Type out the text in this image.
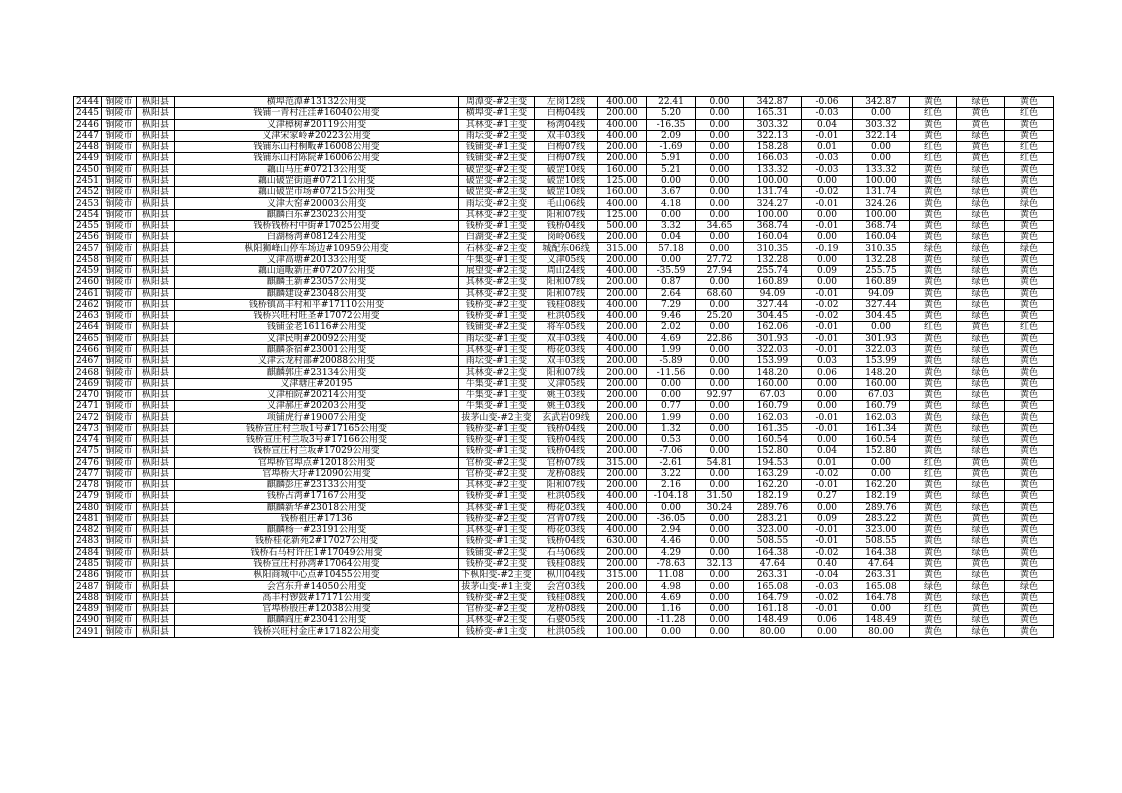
2444	铜陵市	枞阳县	横埠范潭#13132公用变	周潭变-#2主变	左岗12线	400.00	22.41	0.00	342.87	-0.06	342.87	黄色	绿色	黄色
2445	铜陵市	枞阳县	钱铺一青村汪洼#16040公用变	横埠变-#1主变	白梅04线	200.00	5.20	0.00	165.31	-0.03	0.00	红色	黄色	红色
2446	铜陵市	枞阳县	义津樟树#20119公用变	其林变-#1主变	杨湾04线	400.00	-16.35	0.00	303.32	0.04	303.32	黄色	黄色	黄色
2447	铜陵市	枞阳县	义津宋家岭#20223公用变	雨坛变-#2主变	双丰03线	400.00	2.09	0.00	322.13	-0.01	322.14	黄色	绿色	黄色
2448	铜陵市	枞阳县	钱铺东山村桐畈#16008公用变	钱铺变-#1主变	白梅07线	200.00	-1.69	0.00	158.28	0.01	0.00	红色	黄色	红色
2449	铜陵市	枞阳县	钱铺东山村陈院#16006公用变	钱铺变-#2主变	白梅07线	200.00	5.91	0.00	166.03	-0.03	0.00	红色	黄色	红色
2450	铜陵市	枞阳县	藕山马庄#07213公用变	破罡变-#2主变	破罡10线	160.00	5.21	0.00	133.32	-0.03	133.32	黄色	绿色	黄色
2451	铜陵市	枞阳县	藕山破罡街道#07211公用变	破罡变-#2主变	破罡10线	125.00	0.00	0.00	100.00	0.00	100.00	黄色	绿色	黄色
2452	铜陵市	枞阳县	藕山破罡市场#07215公用变	破罡变-#2主变	破罡10线	160.00	3.67	0.00	131.74	-0.02	131.74	黄色	绿色	黄色
2453	铜陵市	枞阳县	义津大窑#20003公用变	雨坛变-#2主变	毛山06线	400.00	4.18	0.00	324.27	-0.01	324.26	黄色	绿色	绿色
2454	铜陵市	枞阳县	麒麟白东#23023公用变	其林变-#2主变	阳和07线	125.00	0.00	0.00	100.00	0.00	100.00	黄色	绿色	黄色
2455	铜陵市	枞阳县	钱桥钱桥村中街#17025公用变	钱桥变-#1主变	钱桥04线	500.00	3.32	34.65	368.74	-0.01	368.74	黄色	绿色	黄色
2456	铜陵市	枞阳县	白湖杨湾#08124公用变	白湖变-#2主变	岗岭06线	200.00	0.04	0.00	160.04	0.00	160.04	黄色	绿色	黄色
2457	铜陵市	枞阳县	枞阳狮峰山停车场边#10959公用变	石林变-#2主变	城配东06线	315.00	57.18	0.00	310.35	-0.19	310.35	绿色	绿色	绿色
2458	铜陵市	枞阳县	义津高塘#20133公用变	牛集变-#1主变	义津05线	200.00	0.00	27.72	132.28	0.00	132.28	黄色	绿色	黄色
2459	铜陵市	枞阳县	藕山道畈新庄#07207公用变	展望变-#2主变	周山24线	400.00	-35.59	27.94	255.74	0.09	255.75	黄色	绿色	黄色
2460	铜陵市	枞阳县	麒麟王新#23057公用变	其林变-#2主变	阳和07线	200.00	0.87	0.00	160.89	0.00	160.89	黄色	绿色	黄色
2461	铜陵市	枞阳县	麒麟建设#23048公用变	其林变-#2主变	阳和07线	200.00	2.64	68.60	94.09	-0.01	94.09	黄色	绿色	黄色
2462	铜陵市	枞阳县	钱桥镇高丰村和平#17110公用变	钱桥变-#2主变	钱桂08线	400.00	7.29	0.00	327.44	-0.02	327.44	黄色	绿色	黄色
2463	铜陵市	枞阳县	钱桥兴旺村旺圣#17072公用变	钱桥变-#1主变	杜洪05线	400.00	9.46	25.20	304.45	-0.02	304.45	黄色	绿色	黄色
2464	铜陵市	枞阳县	钱铺金老16116#公用变	钱铺变-#2主变	将军05线	200.00	2.02	0.00	162.06	-0.01	0.00	红色	黄色	红色
2465	铜陵市	枞阳县	义津民明#20092公用变	雨坛变-#1主变	双丰03线	400.00	4.69	22.86	301.93	-0.01	301.93	黄色	绿色	黄色
2466	铜陵市	枞阳县	麒麟茶宿#23001公用变	其林变-#1主变	梅花03线	400.00	1.99	0.00	322.03	-0.01	322.03	黄色	绿色	黄色
2467	铜陵市	枞阳县	义津云龙村部#20088公用变	雨坛变-#1主变	双丰03线	200.00	-5.89	0.00	153.99	0.03	153.99	黄色	绿色	黄色
2468	铜陵市	枞阳县	麒麟郭庄#23134公用变	其林变-#2主变	阳和07线	200.00	-11.56	0.00	148.20	0.06	148.20	黄色	绿色	黄色
2469	铜陵市	枞阳县	义津塘庄#20195	牛集变-#1主变	义津05线	200.00	0.00	0.00	160.00	0.00	160.00	黄色	绿色	黄色
2470	铜陵市	枞阳县	义津柏院#20214公用变	牛集变-#1主变	姚王03线	200.00	0.00	92.97	67.03	0.00	67.03	黄色	绿色	黄色
2471	铜陵市	枞阳县	义津郝庄#20203公用变	牛集变-#1主变	姚王03线	200.00	0.77	0.00	160.79	0.00	160.79	黄色	绿色	黄色
2472	铜陵市	枞阳县	项铺虎行#19007公用变	拔茅山变-#2主变	玄武岩09线	200.00	1.99	0.00	162.03	-0.01	162.03	黄色	绿色	黄色
2473	铜陵市	枞阳县	钱桥宣庄村兰坂1号#17165公用变	钱桥变-#1主变	钱桥04线	200.00	1.32	0.00	161.35	-0.01	161.34	黄色	绿色	黄色
2474	铜陵市	枞阳县	钱桥宣庄村兰坂3号#17166公用变	钱桥变-#1主变	钱桥04线	200.00	0.53	0.00	160.54	0.00	160.54	黄色	绿色	黄色
2475	铜陵市	枞阳县	钱桥宣庄村兰坂#17029公用变	钱桥变-#1主变	钱桥04线	200.00	-7.06	0.00	152.80	0.04	152.80	黄色	绿色	黄色
2476	铜陵市	枞阳县	官埠桥官埠点#12018公用变	官桥变-#2主变	官桥07线	315.00	-2.61	54.81	194.53	0.01	0.00	红色	黄色	黄色
2477	铜陵市	枞阳县	官埠桥大圩#12090公用变	官桥变-#2主变	龙桥08线	200.00	3.22	0.00	163.29	-0.02	0.00	红色	黄色	黄色
2478	铜陵市	枞阳县	麒麟彭庄#23133公用变	其林变-#2主变	阳和07线	200.00	2.16	0.00	162.20	-0.01	162.20	黄色	绿色	黄色
2479	铜陵市	枞阳县	钱桥占湾#17167公用变	钱桥变-#1主变	杜洪05线	400.00	-104.18	31.50	182.19	0.27	182.19	黄色	绿色	黄色
2480	铜陵市	枞阳县	麒麟新华#23018公用变	其林变-#1主变	梅花03线	400.00	0.00	30.24	289.76	0.00	289.76	黄色	绿色	黄色
2481	铜陵市	枞阳县	钱桥祖庄#17136	钱桥变-#2主变	宫青07线	200.00	-36.05	0.00	283.21	0.09	283.22	黄色	黄色	黄色
2482	铜陵市	枞阳县	麒麟杨一#23191公用变	其林变-#1主变	梅花03线	400.00	2.94	0.00	323.00	-0.01	323.00	黄色	绿色	黄色
2483	铜陵市	枞阳县	钱桥桂花新苑2#17027公用变	钱桥变-#1主变	钱桥04线	630.00	4.46	0.00	508.55	-0.01	508.55	黄色	绿色	黄色
2484	铜陵市	枞阳县	钱桥石马村许庄1#17049公用变	钱铺变-#2主变	石马06线	200.00	4.29	0.00	164.38	-0.02	164.38	黄色	绿色	黄色
2485	铜陵市	枞阳县	钱桥宣庄村孙湾#17064公用变	钱桥变-#2主变	钱桂08线	200.00	-78.63	32.13	47.64	0.40	47.64	黄色	黄色	黄色
2486	铜陵市	枞阳县	枞阳商城中心点#10455公用变	下枞阳变-#2主变	枞川04线	315.00	11.08	0.00	263.31	-0.04	263.31	黄色	绿色	黄色
2487	铜陵市	枞阳县	会宫东升#14050公用变	拔茅山变-#1主变	会宫03线	200.00	4.98	0.00	165.08	-0.03	165.08	绿色	绿色	绿色
2488	铜陵市	枞阳县	高丰村锣鼓#17171公用变	钱桥变-#2主变	钱桂08线	200.00	4.69	0.00	164.79	-0.02	164.78	黄色	绿色	黄色
2489	铜陵市	枞阳县	官埠桥殷庄#12038公用变	官桥变-#2主变	龙桥08线	200.00	1.16	0.00	161.18	-0.01	0.00	红色	黄色	黄色
2490	铜陵市	枞阳县	麒麟阎庄#23041公用变	其林变-#2主变	石婆05线	200.00	-11.28	0.00	148.49	0.06	148.49	黄色	绿色	黄色
2491	铜陵市	枞阳县	钱桥兴旺村金庄#17182公用变	钱桥变-#1主变	杜洪05线	100.00	0.00	0.00	80.00	0.00	80.00	黄色	绿色	黄色
